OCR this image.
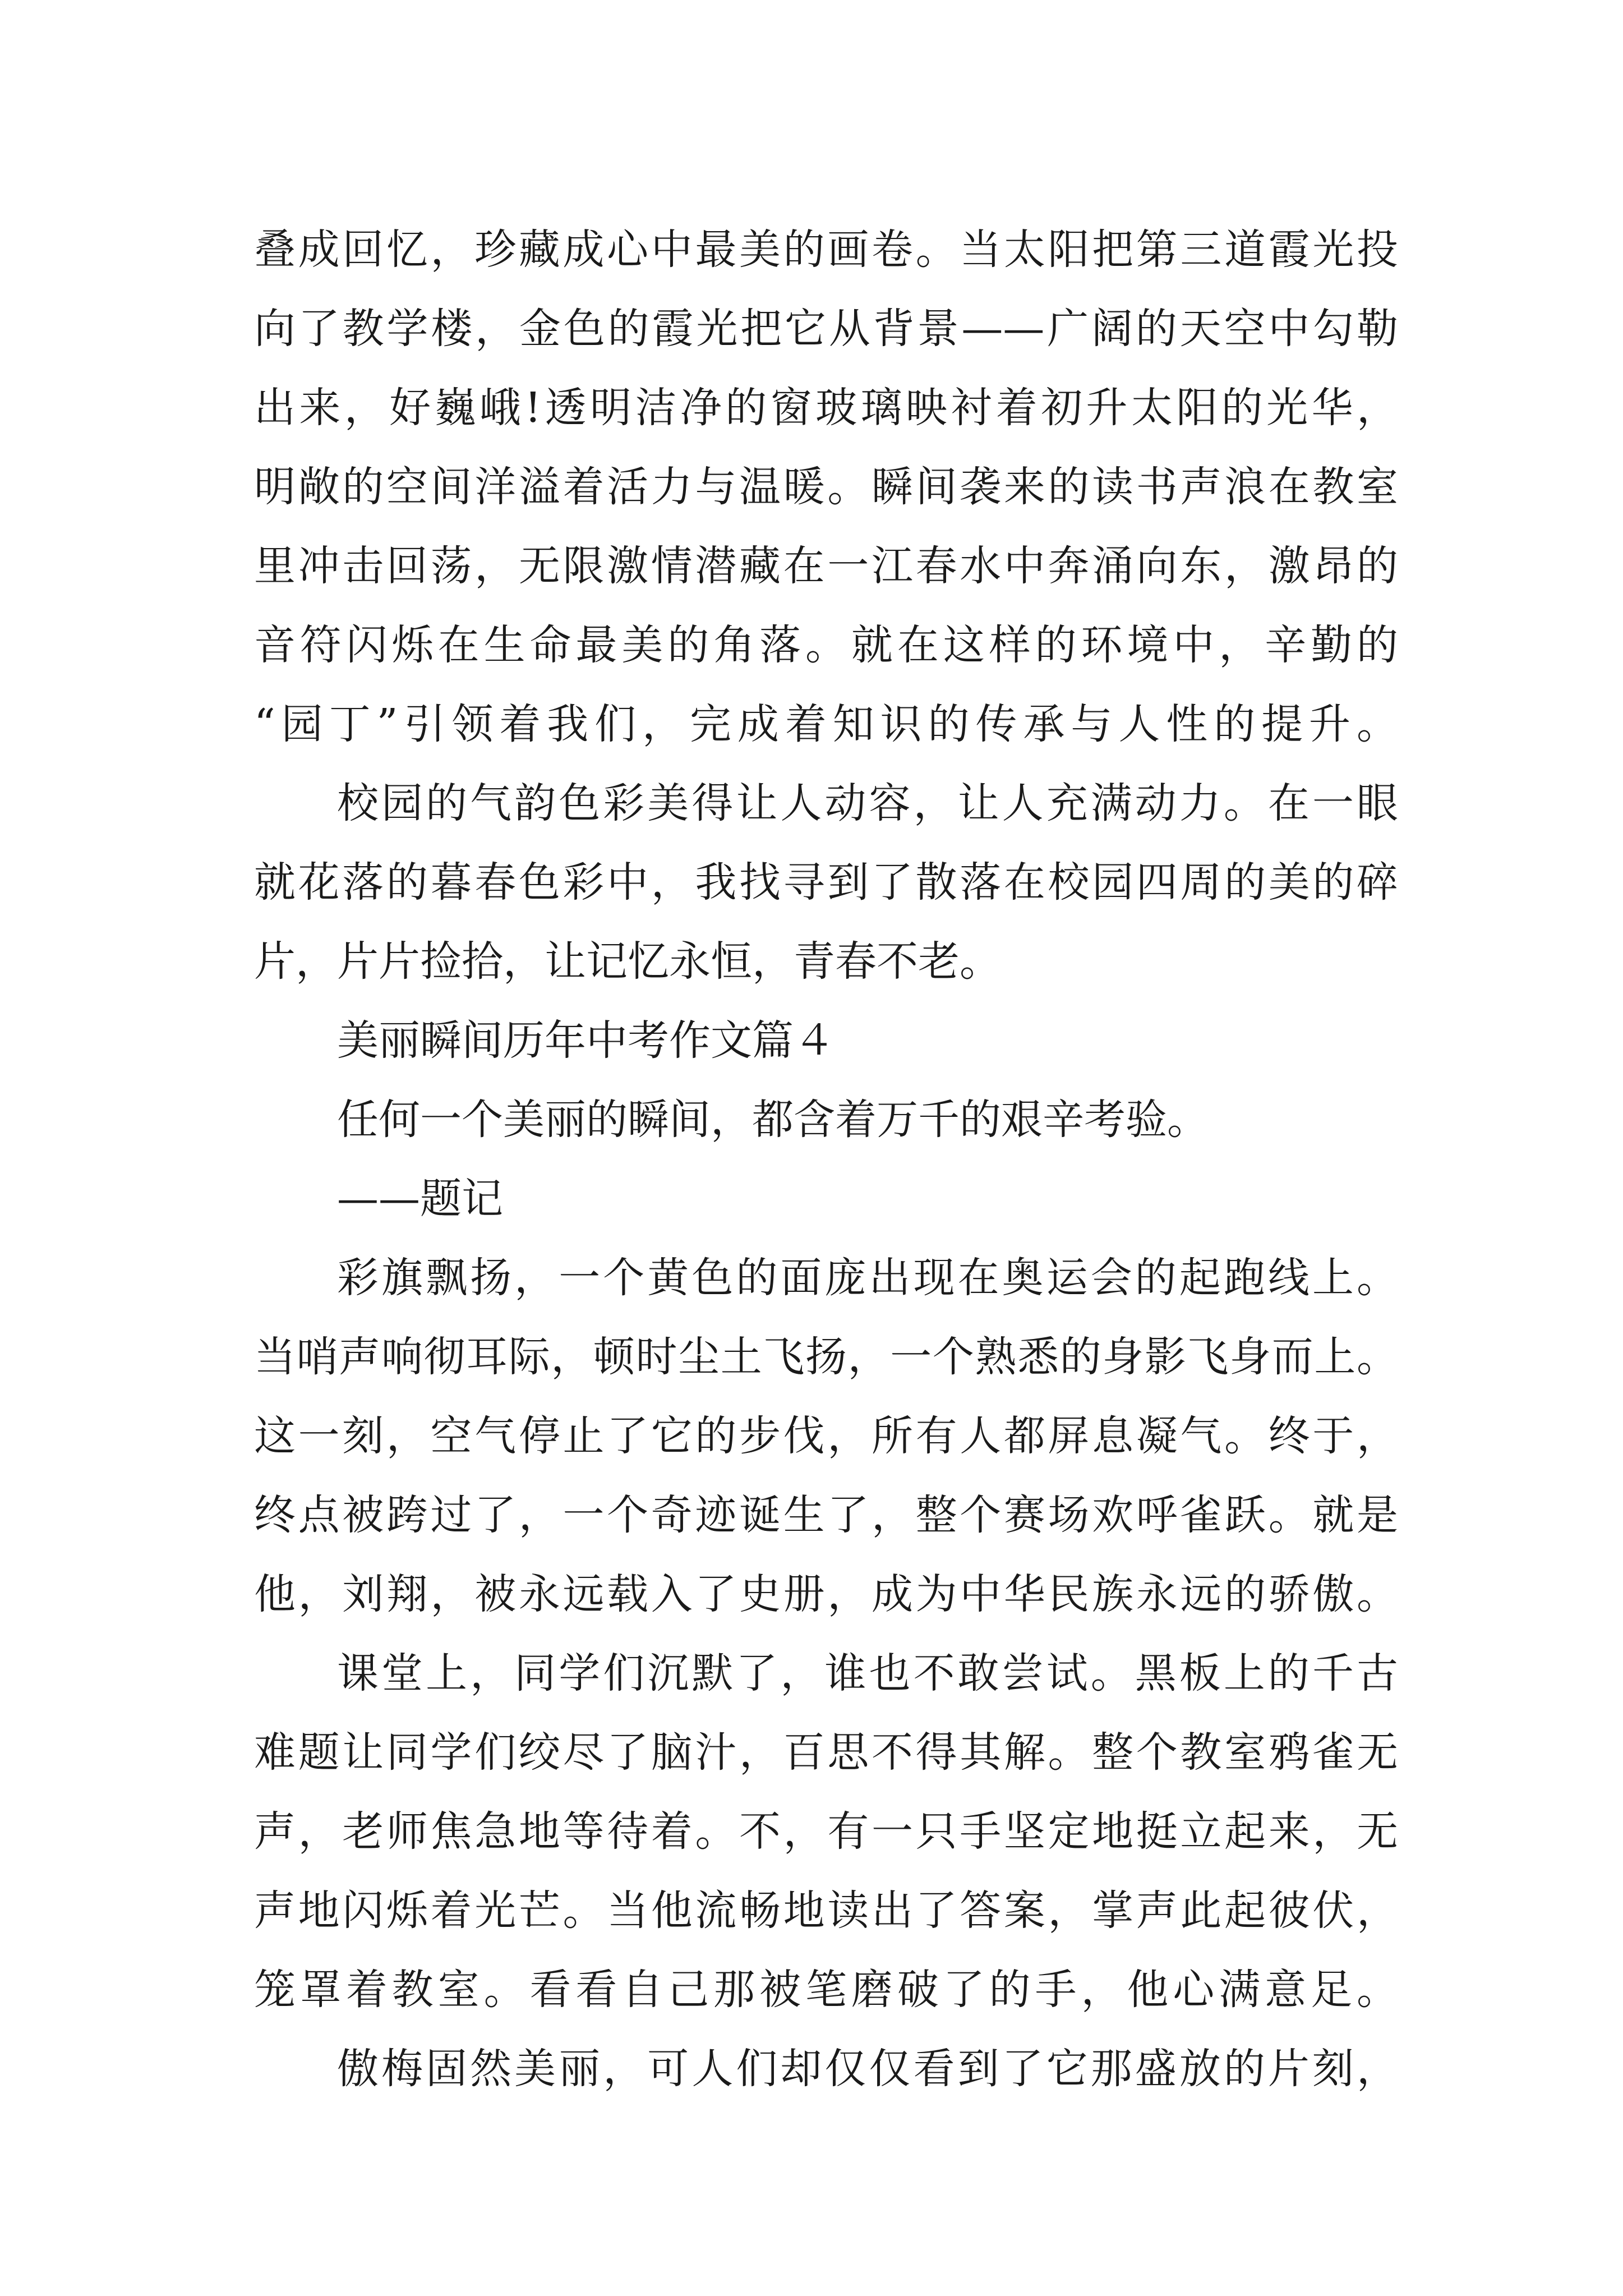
叠成回忆，珍藏成心中最美的画卷。当太阳把第三道霞光投
向了教学楼，金色的霞光把它从背景——广阔的天空中勾勒
出来，好巍峨!透明洁净的窗玻璃映衬着初升太阳的光华，
明敞的空间洋溢着活力与温暖。瞬间袭来的读书声浪在教室
里冲击回荡，无限激情潜藏在一江春水中奔涌向东，激昂的
音符闪烁在生命最美的角落。就在这样的环境中，辛勤的
“园丁”引领着我们，完成着知识的传承与人性的提升。
校园的气韵色彩美得让人动容，让人充满动力。在一眼
就花落的暮春色彩中，我找寻到了散落在校园四周的美的碎
片，片片捡拾，让记忆永恒，青春不老。
美丽瞬间历年中考作文篇４
任何一个美丽的瞬间，都含着万千的艰辛考验。
——题记
彩旗飘扬，一个黄色的面庞出现在奥运会的起跑线上。
当哨声响彻耳际，顿时尘土飞扬，一个熟悉的身影飞身而上。
这一刻，空气停止了它的步伐，所有人都屏息凝气。终于，
终点被跨过了，一个奇迹诞生了，整个赛场欢呼雀跃。就是
他，刘翔，被永远载入了史册，成为中华民族永远的骄傲。
课堂上，同学们沉默了，谁也不敢尝试。黑板上的千古
难题让同学们绞尽了脑汁，百思不得其解。整个教室鸦雀无
声，老师焦急地等待着。不，有一只手坚定地挺立起来，无
声地闪烁着光芒。当他流畅地读出了答案，掌声此起彼伏，
笼罩着教室。看看自己那被笔磨破了的手，他心满意足。
傲梅固然美丽，可人们却仅仅看到了它那盛放的片刻，
